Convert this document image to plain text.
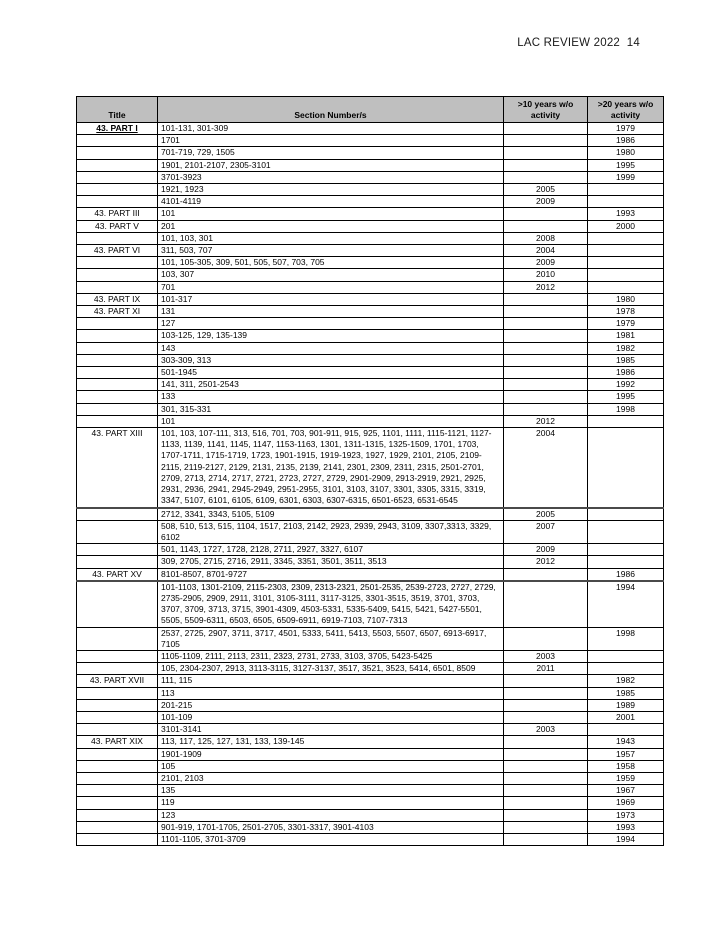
LAC REVIEW 2022  14
Title	Section Number/s	>10 years w/o activity	>20 years w/o activity
43. PART I	101-131, 301-309		1979
	1701		1986
	701-719, 729, 1505		1980
	1901, 2101-2107, 2305-3101		1995
	3701-3923		1999
	1921, 1923	2005	
	4101-4119	2009	
43. PART III	101		1993
43. PART V	201		2000
	101, 103, 301	2008	
43. PART VI	311, 503, 707	2004	
	101, 105-305, 309, 501, 505, 507, 703, 705	2009	
	103, 307	2010	
	701	2012	
43. PART IX	101-317		1980
43. PART XI	131		1978
	127		1979
	103-125, 129, 135-139		1981
	143		1982
	303-309, 313		1985
	501-1945		1986
	141, 311, 2501-2543		1992
	133		1995
	301, 315-331		1998
	101	2012	
43. PART XIII	101, 103, 107-111, 313, 516, 701, 703, 901-911, 915, 925, 1101, 1111, 1115-1121, 1127-1133, 1139, 1141, 1145, 1147, 1153-1163, 1301, 1311-1315, 1325-1509, 1701, 1703, 1707-1711, 1715-1719, 1723, 1901-1915, 1919-1923, 1927, 1929, 2101, 2105, 2109-2115, 2119-2127, 2129, 2131, 2135, 2139, 2141, 2301, 2309, 2311, 2315, 2501-2701, 2709, 2713, 2714, 2717, 2721, 2723, 2727, 2729, 2901-2909, 2913-2919, 2921, 2925, 2931, 2936, 2941, 2945-2949, 2951-2955, 3101, 3103, 3107, 3301, 3305, 3315, 3319, 3347, 5107, 6101, 6105, 6109, 6301, 6303, 6307-6315, 6501-6523, 6531-6545	2004	
	2712, 3341, 3343, 5105, 5109	2005	
	508, 510, 513, 515, 1104, 1517, 2103, 2142, 2923, 2939, 2943, 3109, 3307,3313, 3329, 6102	2007	
	501, 1143, 1727, 1728, 2128, 2711, 2927, 3327, 6107	2009	
	309, 2705, 2715, 2716, 2911, 3345, 3351, 3501, 3511, 3513	2012	
43. PART XV	8101-8507, 8701-9727		1986
	101-1103, 1301-2109, 2115-2303, 2309, 2313-2321, 2501-2535, 2539-2723, 2727, 2729, 2735-2905, 2909, 2911, 3101, 3105-3111, 3117-3125, 3301-3515, 3519, 3701, 3703, 3707, 3709, 3713, 3715, 3901-4309, 4503-5331, 5335-5409, 5415, 5421, 5427-5501, 5505, 5509-6311, 6503, 6505, 6509-6911, 6919-7103, 7107-7313		1994
	2537, 2725, 2907, 3711, 3717, 4501, 5333, 5411, 5413, 5503, 5507, 6507, 6913-6917, 7105		1998
	1105-1109, 2111, 2113, 2311, 2323, 2731, 2733, 3103, 3705, 5423-5425	2003	
	105, 2304-2307, 2913, 3113-3115, 3127-3137, 3517, 3521, 3523, 5414, 6501, 8509	2011	
43. PART XVII	111, 115		1982
	113		1985
	201-215		1989
	101-109		2001
	3101-3141	2003	
43. PART XIX	113, 117, 125, 127, 131, 133, 139-145		1943
	1901-1909		1957
	105		1958
	2101, 2103		1959
	135		1967
	119		1969
	123		1973
	901-919, 1701-1705, 2501-2705, 3301-3317, 3901-4103		1993
	1101-1105, 3701-3709		1994
